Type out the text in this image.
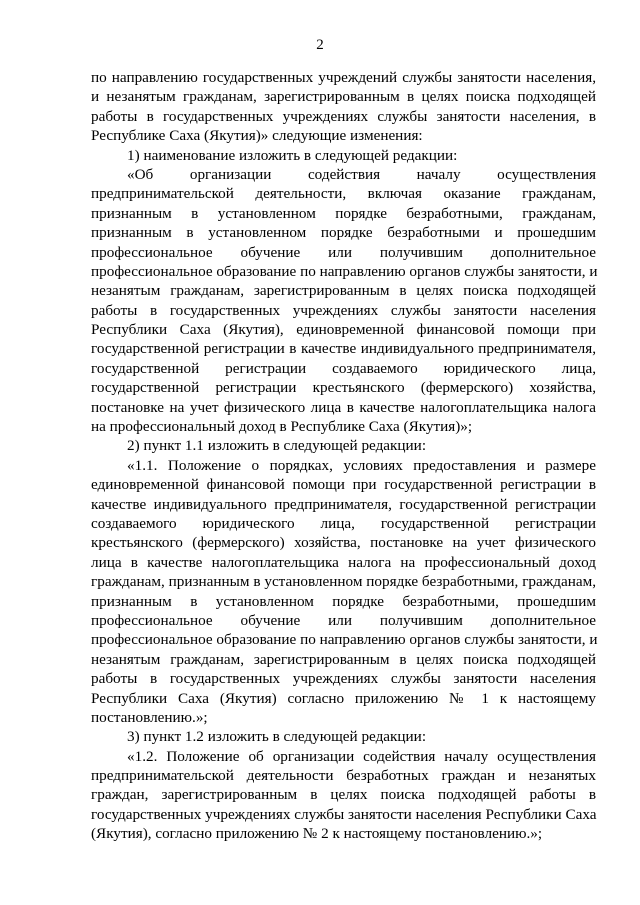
2
по направлению государственных учреждений службы занятости населения,
и незанятым гражданам, зарегистрированным в целях поиска подходящей
работы в государственных учреждениях службы занятости населения, в
Республике Саха (Якутия)» следующие изменения:
1) наименование изложить в следующей редакции:
«Об организации содействия началу осуществления
предпринимательской деятельности, включая оказание гражданам,
признанным в установленном порядке безработными, гражданам,
признанным в установленном порядке безработными и прошедшим
профессиональное обучение или получившим дополнительное
профессиональное образование по направлению органов службы занятости, и
незанятым гражданам, зарегистрированным в целях поиска подходящей
работы в государственных учреждениях службы занятости населения
Республики Саха (Якутия), единовременной финансовой помощи при
государственной регистрации в качестве индивидуального предпринимателя,
государственной регистрации создаваемого юридического лица,
государственной регистрации крестьянского (фермерского) хозяйства,
постановке на учет физического лица в качестве налогоплательщика налога
на профессиональный доход в Республике Саха (Якутия)»;
2) пункт 1.1 изложить в следующей редакции:
«1.1. Положение о порядках, условиях предоставления и размере
единовременной финансовой помощи при государственной регистрации в
качестве индивидуального предпринимателя, государственной регистрации
создаваемого юридического лица, государственной регистрации
крестьянского (фермерского) хозяйства, постановке на учет физического
лица в качестве налогоплательщика налога на профессиональный доход
гражданам, признанным в установленном порядке безработными, гражданам,
признанным в установленном порядке безработными, прошедшим
профессиональное обучение или получившим дополнительное
профессиональное образование по направлению органов службы занятости, и
незанятым гражданам, зарегистрированным в целях поиска подходящей
работы в государственных учреждениях службы занятости населения
Республики Саха (Якутия) согласно приложению № 1 к настоящему
постановлению.»;
3) пункт 1.2 изложить в следующей редакции:
«1.2. Положение об организации содействия началу осуществления
предпринимательской деятельности безработных граждан и незанятых
граждан, зарегистрированным в целях поиска подходящей работы в
государственных учреждениях службы занятости населения Республики Саха
(Якутия), согласно приложению № 2 к настоящему постановлению.»;
